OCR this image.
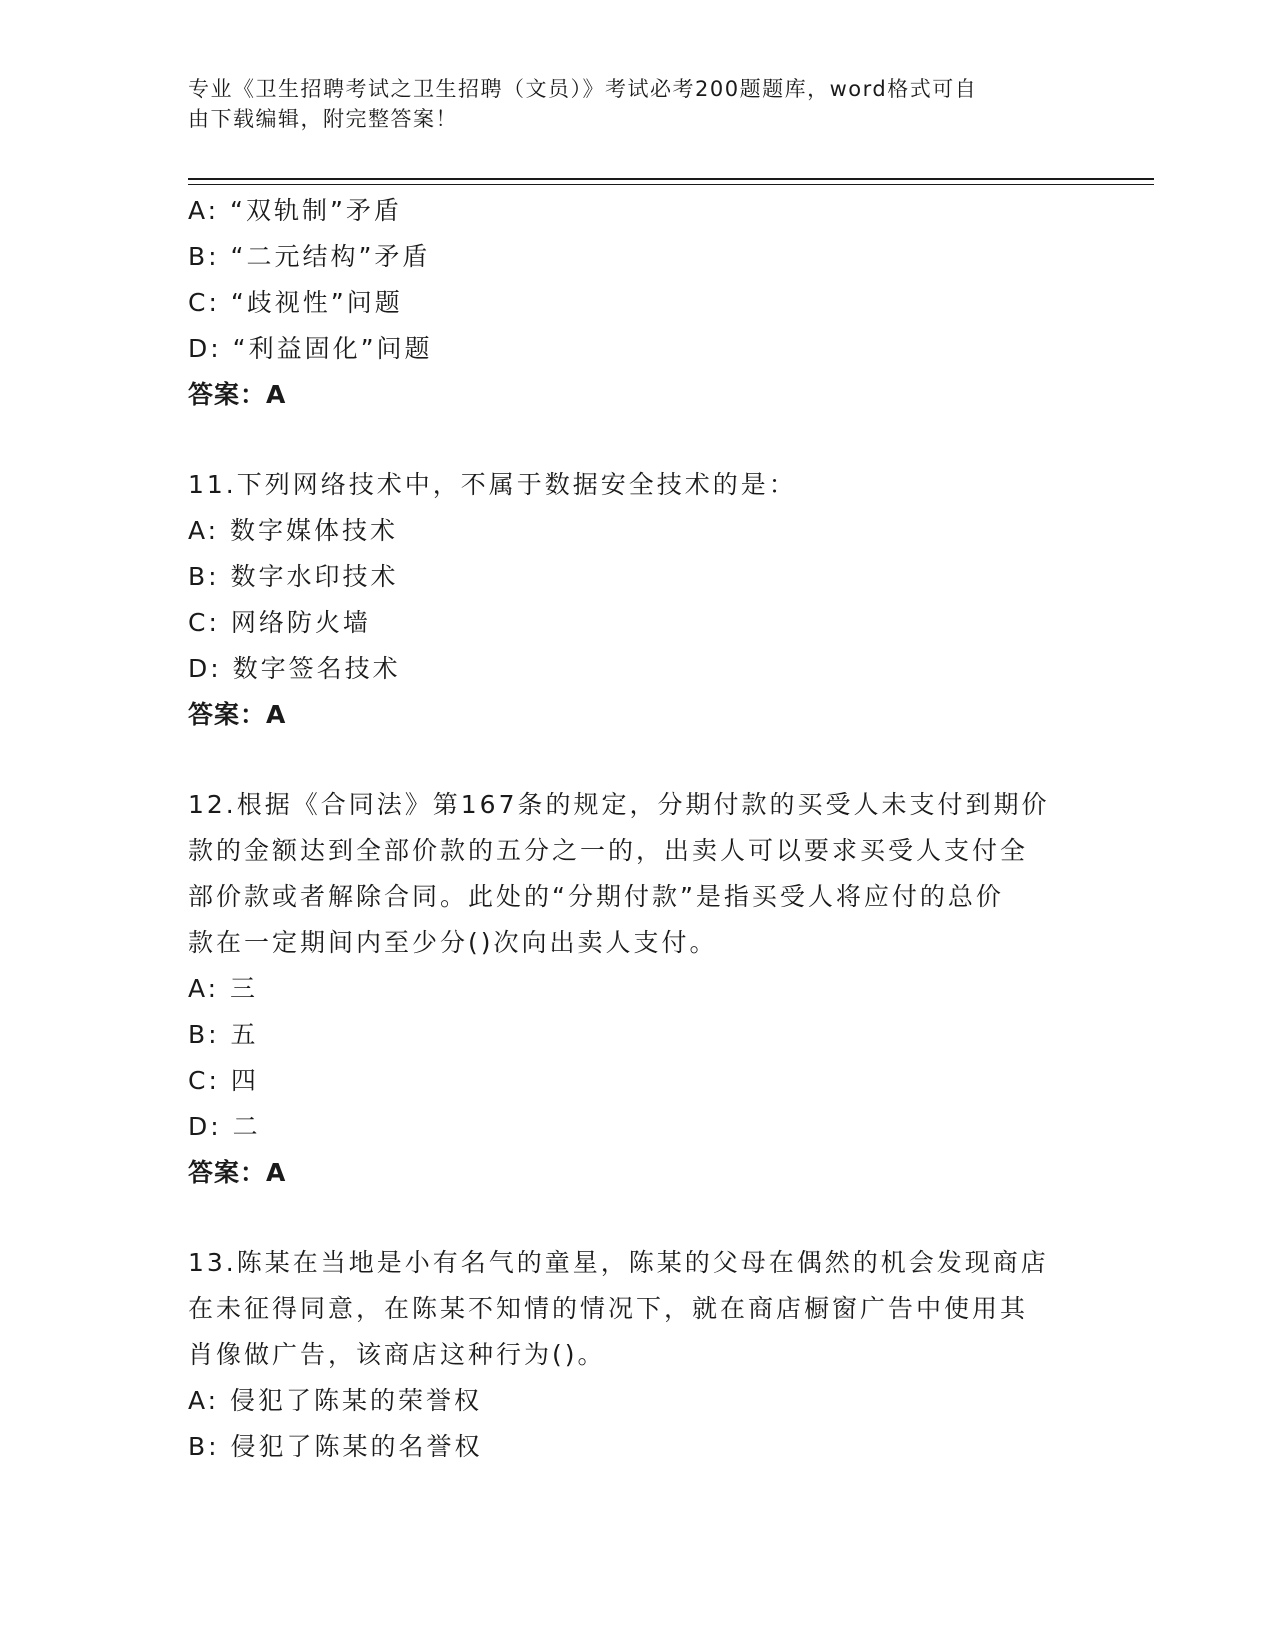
专业《卫生招聘考试之卫生招聘（文员）》考试必考200题题库，word格式可自
由下载编辑，附完整答案！
A: “双轨制”矛盾
B: “二元结构”矛盾
C: “歧视性”问题
D: “利益固化”问题
答案：A
11.下列网络技术中，不属于数据安全技术的是：
A: 数字媒体技术
B: 数字水印技术
C: 网络防火墙
D: 数字签名技术
答案：A
12.根据《合同法》第167条的规定，分期付款的买受人未支付到期价
款的金额达到全部价款的五分之一的，出卖人可以要求买受人支付全
部价款或者解除合同。此处的“分期付款”是指买受人将应付的总价
款在一定期间内至少分()次向出卖人支付。
A: 三
B: 五
C: 四
D: 二
答案：A
13.陈某在当地是小有名气的童星，陈某的父母在偶然的机会发现商店
在未征得同意，在陈某不知情的情况下，就在商店橱窗广告中使用其
肖像做广告，该商店这种行为()。
A: 侵犯了陈某的荣誉权
B: 侵犯了陈某的名誉权
